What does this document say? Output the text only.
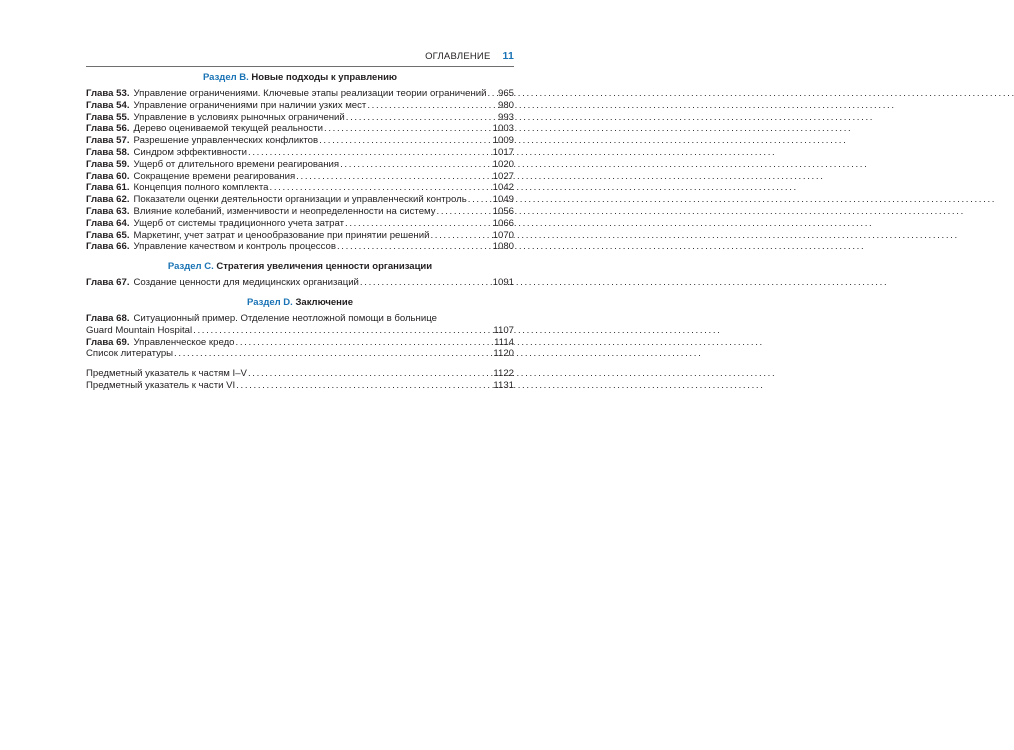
ОГЛАВЛЕНИЕ 11

Раздел B. Новые подходы к управлению

Глава 53. Управление ограничениями. Ключевые этапы реализации теории ограничений . . . 965
Глава 54. Управление ограничениями при наличии узких мест . . .	980
Глава 55. Управление в условиях рыночных ограничений . . .	993
Глава 56. Дерево оцениваемой текущей реальности . . .	1003
Глава 57. Разрешение управленческих конфликтов . . .	1009
Глава 58. Синдром эффективности . . .	1017
Глава 59. Ущерб от длительного времени реагирования . . .	1020
Глава 60. Сокращение времени реагирования . . .	1027
Глава 61. Концепция полного комплекта . . .	1042
Глава 62. Показатели оценки деятельности организации и управленческий контроль . . .	1049
Глава 63. Влияние колебаний, изменчивости и неопределенности на систему . . .	1056
Глава 64. Ущерб от системы традиционного учета затрат . . .	1066
Глава 65. Маркетинг, учет затрат и ценообразование при принятии решений . . .	1070
Глава 66. Управление качеством и контроль процессов . . .	1080

Раздел C. Стратегия увеличения ценности организации

Глава 67. Создание ценности для медицинских организаций . . .	1091

Раздел D. Заключение

Глава 68. Ситуационный пример. Отделение неотложной помощи в больнице
Guard Mountain Hospital . . .	1107
Глава 69. Управленческое кредо . . .	1114
Список литературы . . .	1120
Предметный указатель к частям I–V . . .	1122
Предметный указатель к части VI . . .	1131
